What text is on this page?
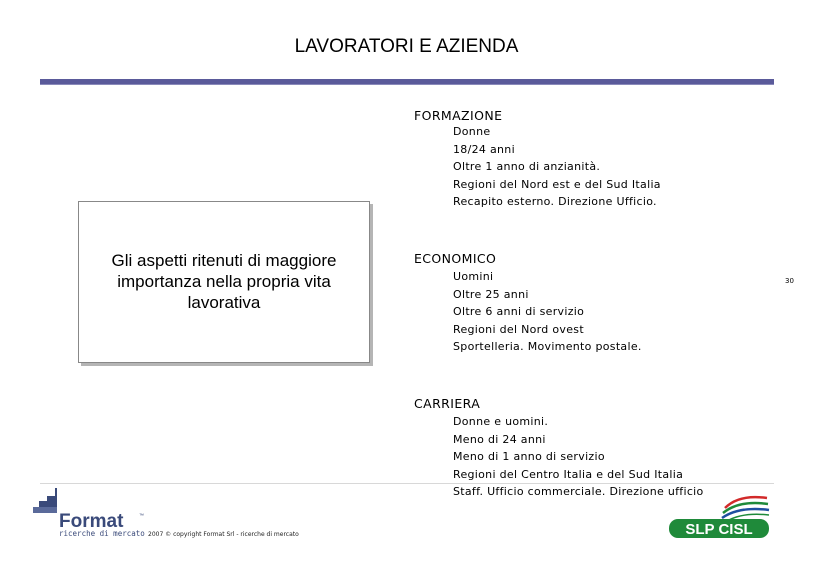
LAVORATORI E AZIENDA
Gli aspetti ritenuti di maggiore importanza nella propria vita lavorativa
FORMAZIONE
Donne
18/24 anni
Oltre 1 anno di anzianità.
Regioni del Nord est e del Sud Italia
Recapito esterno. Direzione Ufficio.
ECONOMICO
Uomini
Oltre 25 anni
Oltre 6 anni di servizio
Regioni del Nord ovest
Sportelleria. Movimento postale.
CARRIERA
Donne e uomini.
Meno di 24 anni
Meno di 1 anno di servizio
Regioni del Centro Italia e del Sud Italia
Staff. Ufficio commerciale. Direzione ufficio
30
Format	™
ricerche di mercato 2007 © copyright Format Srl - ricerche di mercato	SLP CISL
